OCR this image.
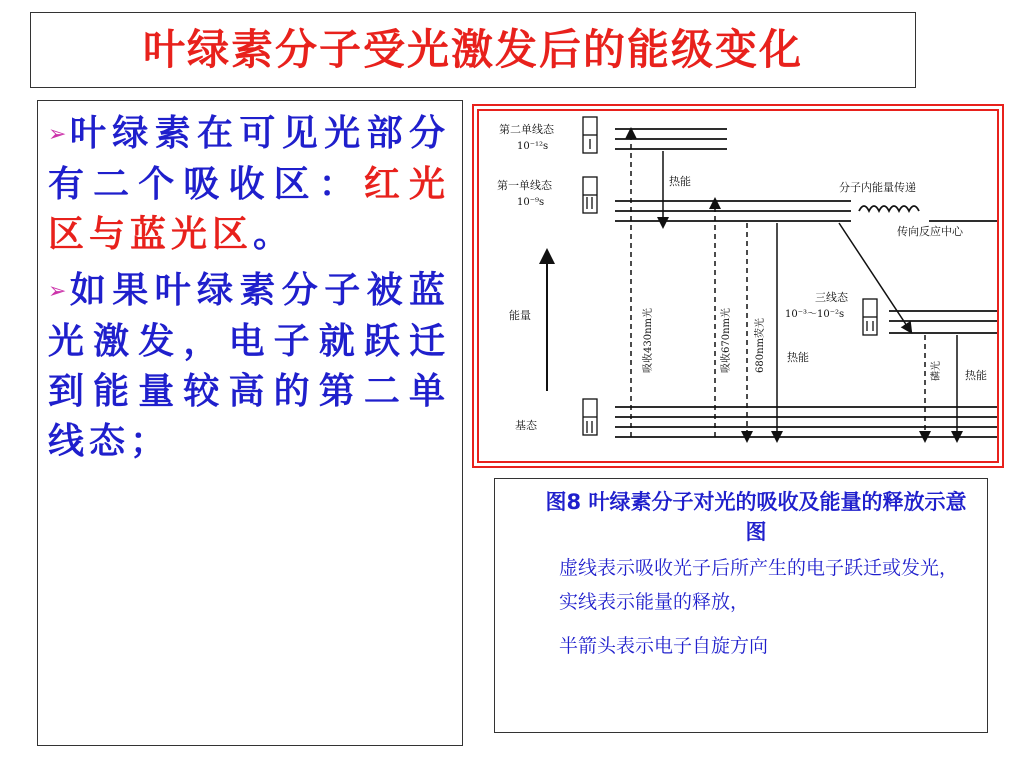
叶绿素分子受光激发后的能级变化
➢叶绿素在可见光部分有二个吸收区：红光区与蓝光区。
➢如果叶绿素分子被蓝光激发，电子就跃迁到能量较高的第二单线态；
第二单线态
10⁻¹²s
第一单线态
10⁻⁹s
能量
基态
热能	分子内能量传递
传向反应中心
三线态
10⁻³～10⁻²s
热能
热能
吸收430nm光	吸收670nm光 680nm荧光	磷光
图8 叶绿素分子对光的吸收及能量的释放示意图
虚线表示吸收光子后所产生的电子跃迁或发光，
实线表示能量的释放，
半箭头表示电子自旋方向
